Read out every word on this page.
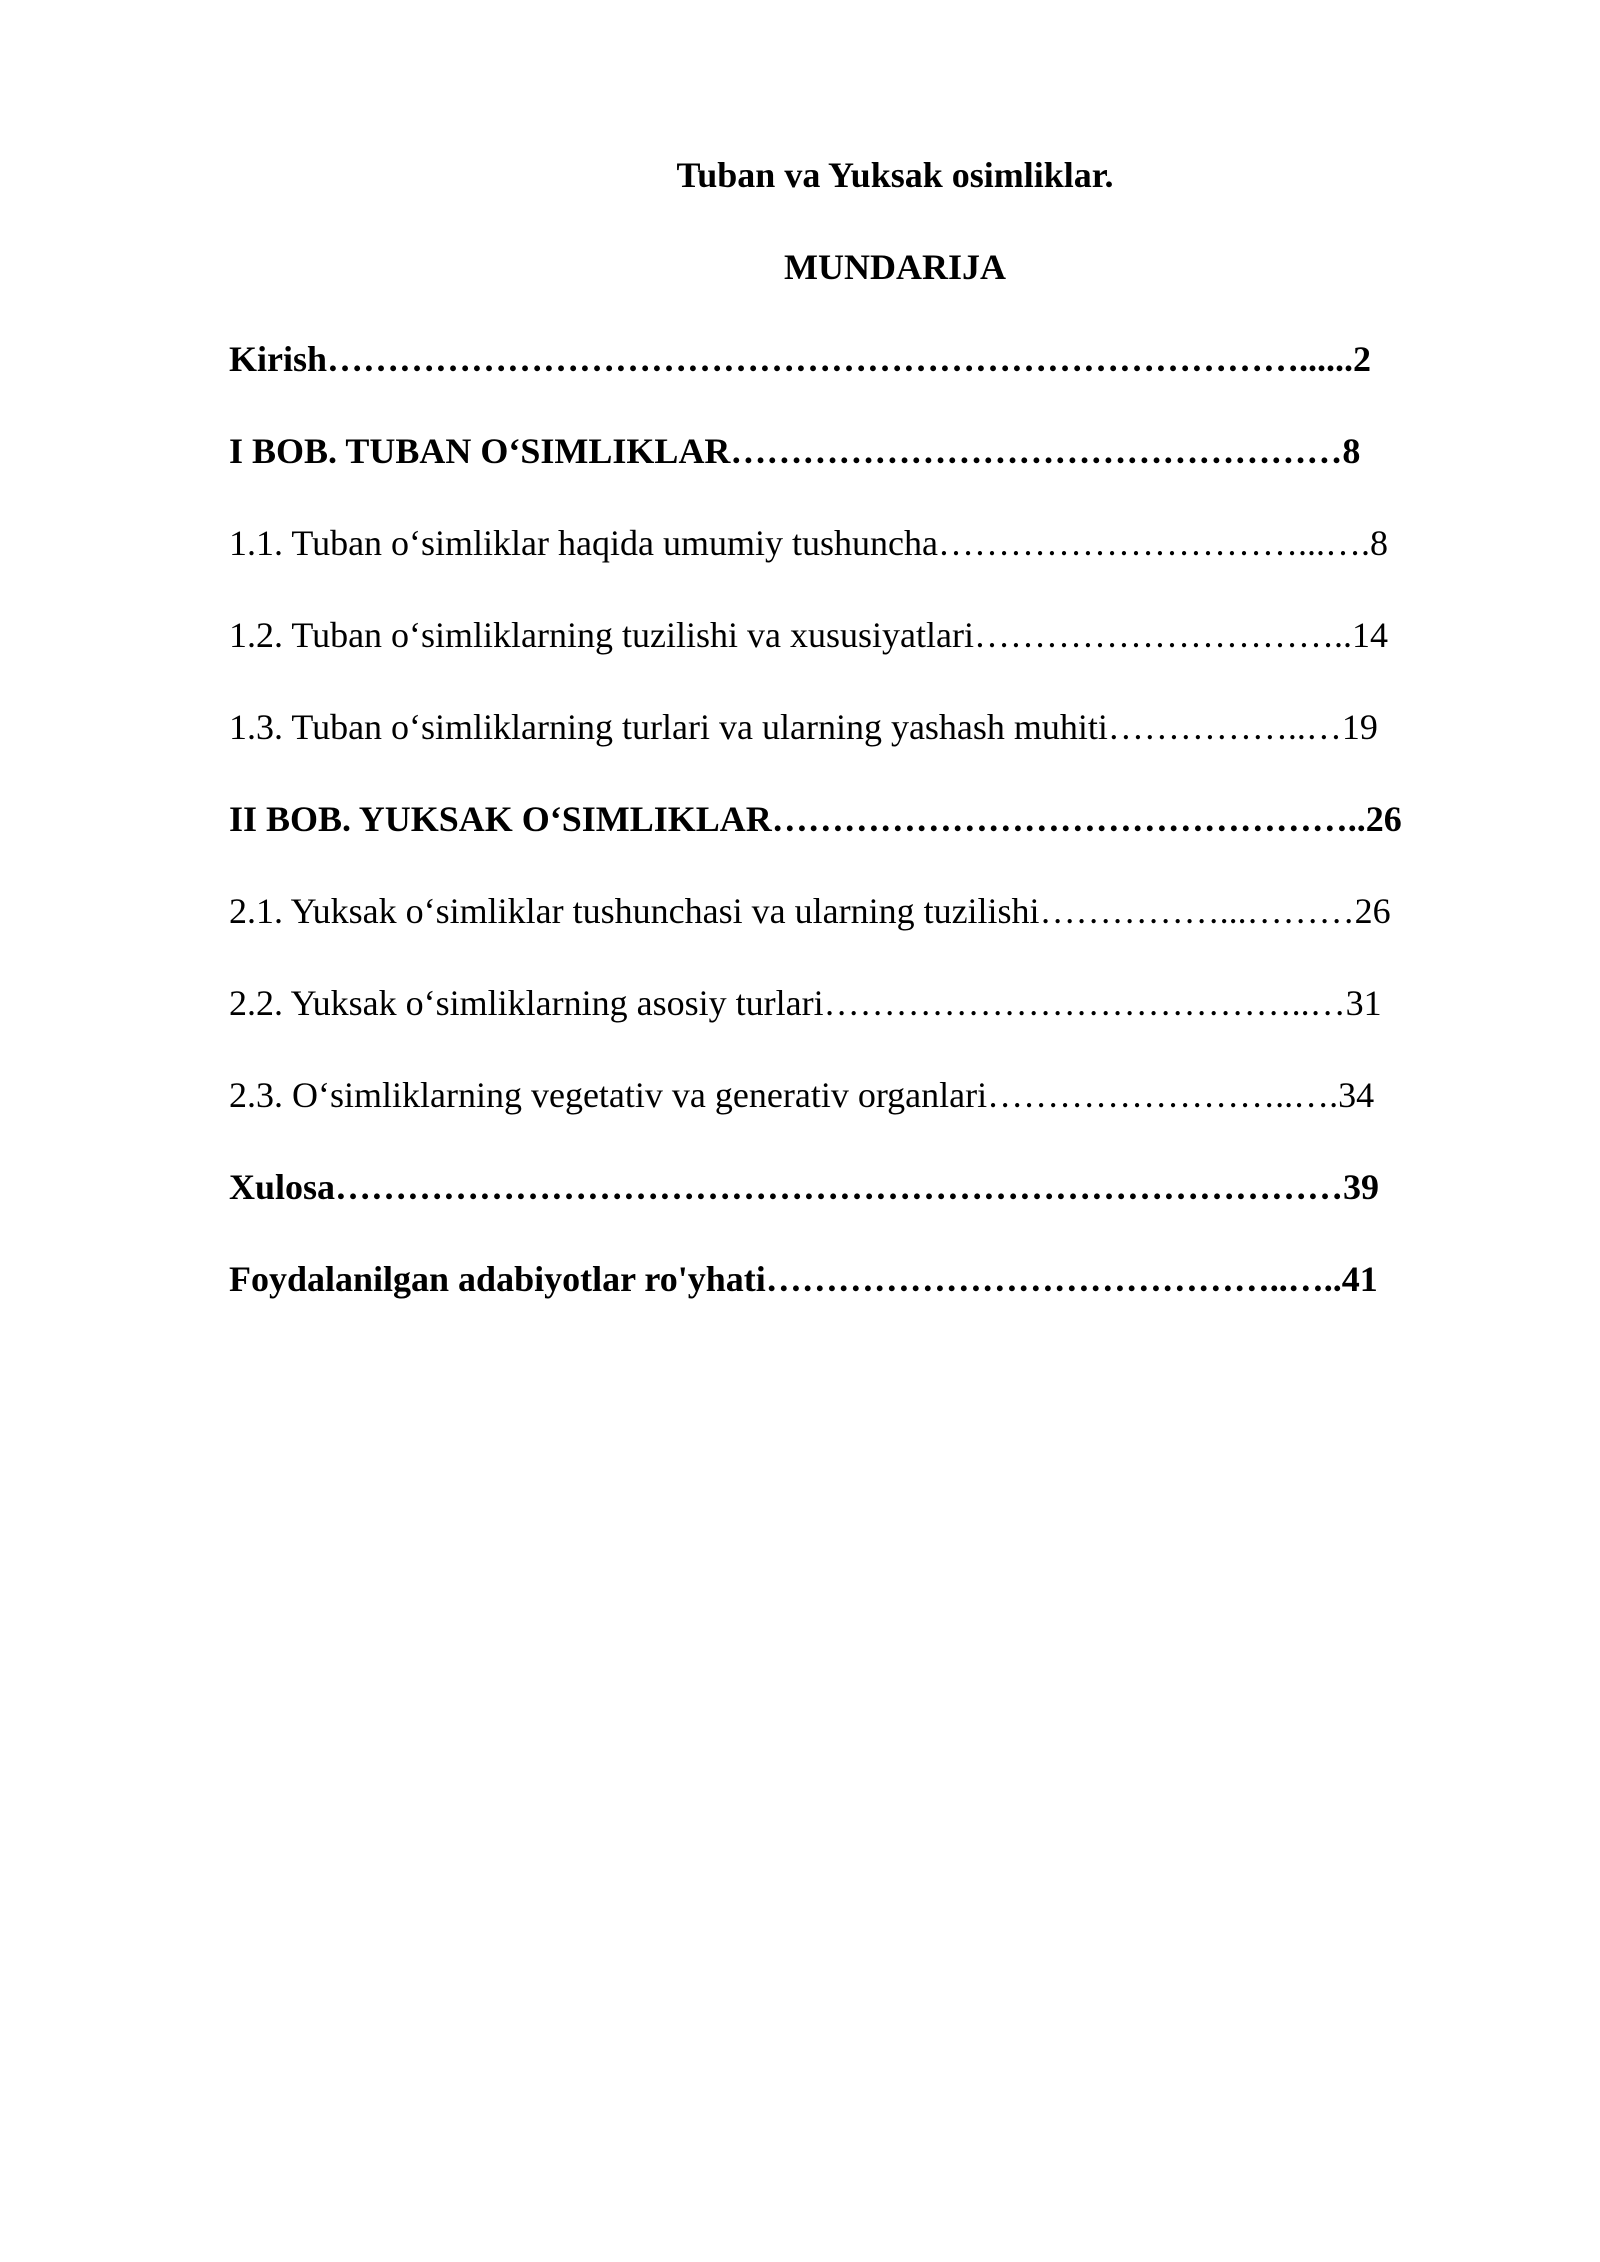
Tuban va Yuksak osimliklar.
MUNDARIJA
Kirish………………………………………………………………………......2
I BOB. TUBAN O‘SIMLIKLAR……………………………………………8
1.1. Tuban o‘simliklar haqida umumiy tushuncha…………………………...….8
1.2. Tuban o‘simliklarning tuzilishi va xususiyatlari…………………………..14
1.3. Tuban o‘simliklarning turlari va ularning yashash muhiti……………..…19
II BOB. YUKSAK O‘SIMLIKLAR…………………………………………..26
2.1. Yuksak o‘simliklar tushunchasi va ularning tuzilishi……………...………26
2.2. Yuksak o‘simliklarning asosiy turlari…………………………………..…31
2.3. O‘simliklarning vegetativ va generativ organlari……………………..….34
Xulosa…………………………………………………………………………39
Foydalanilgan adabiyotlar ro'yhati……………………………………..…..41
